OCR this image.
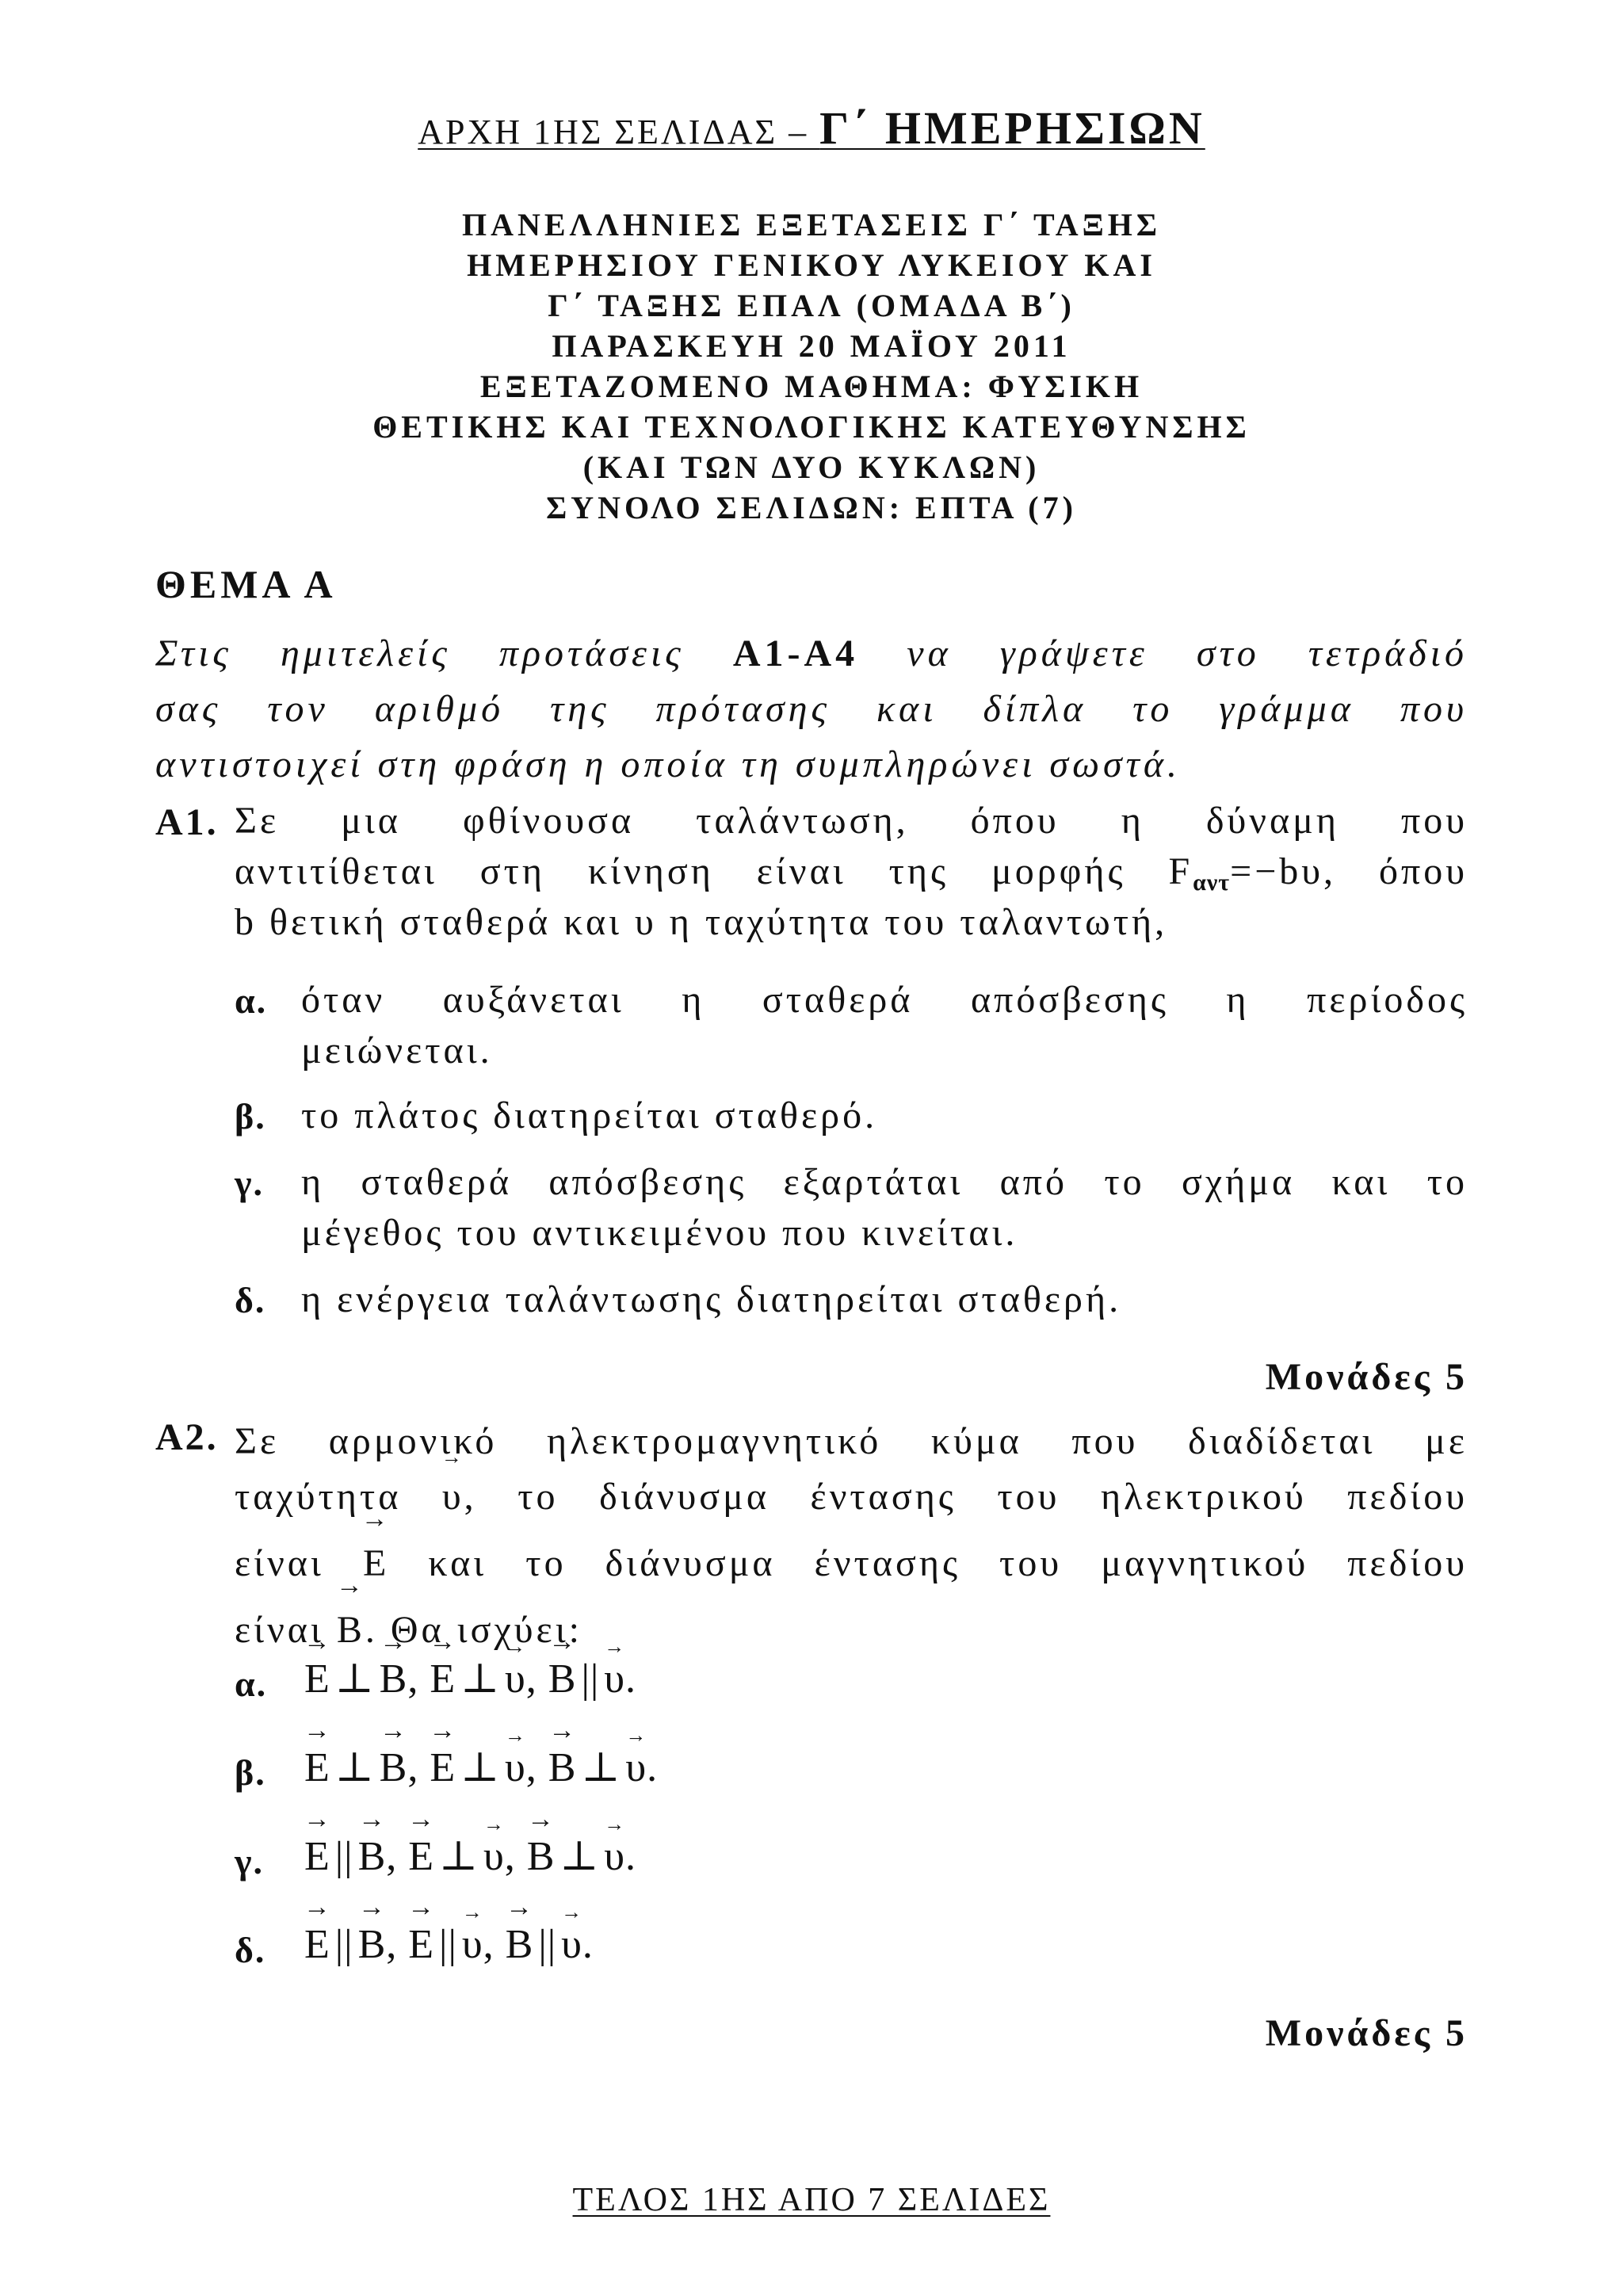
ΑΡΧΗ 1ΗΣ ΣΕΛΙΔΑΣ – Γ΄ ΗΜΕΡΗΣΙΩΝ
ΠΑΝΕΛΛΗΝΙΕΣ ΕΞΕΤΑΣΕΙΣ Γ΄ ΤΑΞΗΣ
ΗΜΕΡΗΣΙΟΥ ΓΕΝΙΚΟΥ ΛΥΚΕΙΟΥ ΚΑΙ
Γ΄ ΤΑΞΗΣ ΕΠΑΛ (ΟΜΑΔΑ Β΄)
ΠΑΡΑΣΚΕΥΗ 20 ΜΑΪΟΥ 2011
ΕΞΕΤΑΖΟΜΕΝΟ ΜΑΘΗΜΑ: ΦΥΣΙΚΗ
ΘΕΤΙΚΗΣ ΚΑΙ ΤΕΧΝΟΛΟΓΙΚΗΣ ΚΑΤΕΥΘΥΝΣΗΣ
(ΚΑΙ ΤΩΝ ΔΥΟ ΚΥΚΛΩΝ)
ΣΥΝΟΛΟ ΣΕΛΙΔΩΝ: ΕΠΤΑ (7)
ΘΕΜΑ Α
Στις ημιτελείς προτάσεις Α1-Α4 να γράψετε στο τετράδιό
σας τον αριθμό της πρότασης και δίπλα το γράμμα που
αντιστοιχεί στη φράση η οποία τη συμπληρώνει σωστά.
Α1. Σε μια φθίνουσα ταλάντωση, όπου η δύναμη που
αντιτίθεται στη κίνηση είναι της μορφής $F_{\alpha\nu\tau}=-b\upsilon$, όπου
b θετική σταθερά και υ η ταχύτητα του ταλαντωτή,
α. όταν αυξάνεται η σταθερά απόσβεσης η περίοδος
μειώνεται.
β. το πλάτος διατηρείται σταθερό.
γ. η σταθερά απόσβεσης εξαρτάται από το σχήμα και το
μέγεθος του αντικειμένου που κινείται.
δ. η ενέργεια ταλάντωσης διατηρείται σταθερή.
Μονάδες 5
Α2. Σε αρμονικό ηλεκτρομαγνητικό κύμα που διαδίδεται με
ταχύτητα → υ, το διάνυσμα έντασης του ηλεκτρικού πεδίου
είναι → E και το διάνυσμα έντασης του μαγνητικού πεδίου
είναι → B. Θα ισχύει:
α. → E ⊥ → B, → E ⊥ → υ, → B || → υ.
β. → E ⊥ → B, → E ⊥ → υ, → B ⊥ → υ.
γ. → E || → B, → E ⊥ → υ, → B ⊥ → υ.
δ. → E || → B, → E || → υ, → B || → υ.
Μονάδες 5
ΤΕΛΟΣ 1ΗΣ ΑΠΟ 7 ΣΕΛΙΔΕΣ
